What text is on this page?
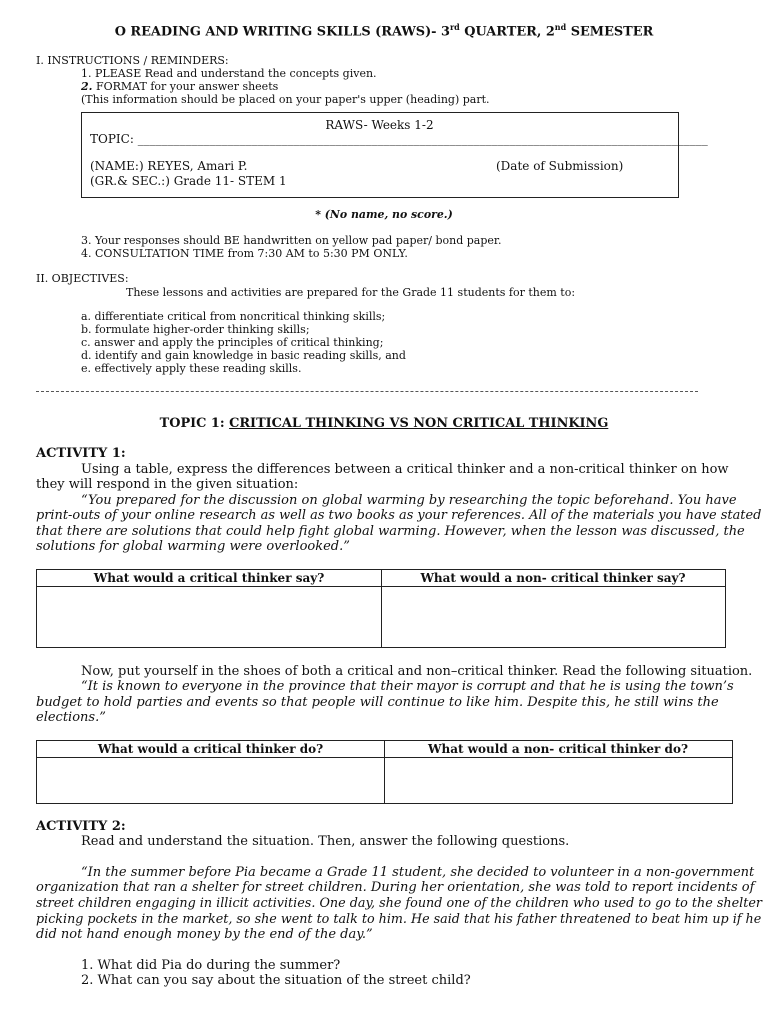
O READING AND WRITING SKILLS (RAWS)- 3rd QUARTER, 2nd SEMESTER
I. INSTRUCTIONS / REMINDERS:
1. PLEASE Read and understand the concepts given.
2. FORMAT for your answer sheets
(This information should be placed on your paper's upper (heading) part.
RAWS- Weeks 1-2
TOPIC: _______________________________________________________________________________________________
(NAME:) REYES, Amari P.	(Date of Submission)
(GR.& SEC.:) Grade 11- STEM 1
* (No name, no score.)
3. Your responses should BE handwritten on yellow pad paper/ bond paper.
4. CONSULTATION TIME from 7:30 AM to 5:30 PM ONLY.
II. OBJECTIVES:
These lessons and activities are prepared for the Grade 11 students for them to:
a. differentiate critical from noncritical thinking skills;
b. formulate higher-order thinking skills;
c. answer and apply the principles of critical thinking;
d. identify and gain knowledge in basic reading skills, and
e. effectively apply these reading skills.
TOPIC 1: CRITICAL THINKING VS NON CRITICAL THINKING
ACTIVITY 1:
Using a table, express the differences between a critical thinker and a non-critical thinker on how
they will respond in the given situation:
“You prepared for the discussion on global warming by researching the topic beforehand. You have
print-outs of your online research as well as two books as your references. All of the materials you have stated
that there are solutions that could help fight global warming. However, when the lesson was discussed, the
solutions for global warming were overlooked.”
What would a critical thinker say?	What would a non- critical thinker say?
Now, put yourself in the shoes of both a critical and non–critical thinker. Read the following situation.
“It is known to everyone in the province that their mayor is corrupt and that he is using the town’s
budget to hold parties and events so that people will continue to like him. Despite this, he still wins the
elections.”
What would a critical thinker do?	What would a non- critical thinker do?
ACTIVITY 2:
Read and understand the situation. Then, answer the following questions.
“In the summer before Pia became a Grade 11 student, she decided to volunteer in a non-government
organization that ran a shelter for street children. During her orientation, she was told to report incidents of
street children engaging in illicit activities. One day, she found one of the children who used to go to the shelter
picking pockets in the market, so she went to talk to him. He said that his father threatened to beat him up if he
did not hand enough money by the end of the day.”
1. What did Pia do during the summer?
2. What can you say about the situation of the street child?
